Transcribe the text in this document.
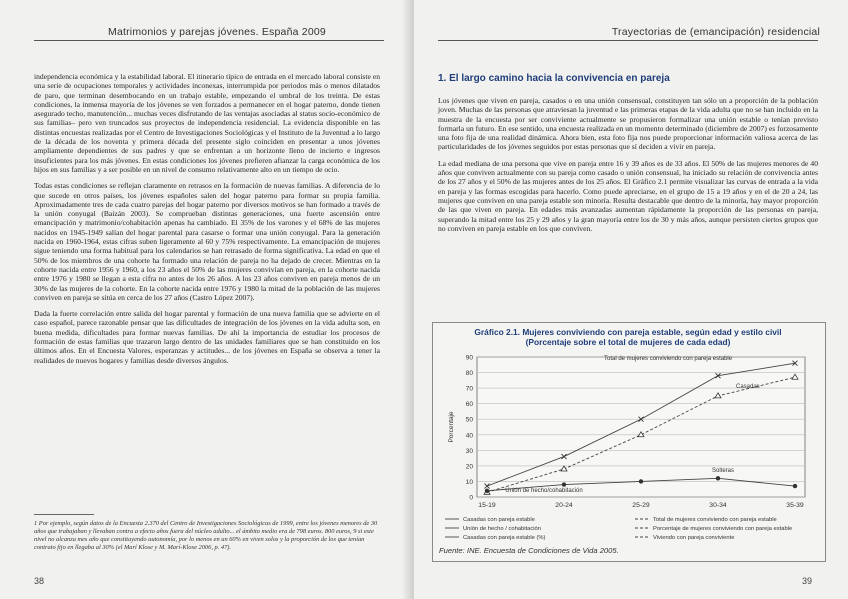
Matrimonios y parejas jóvenes. España 2009

independencia económica y la estabilidad laboral. El itinerario típico de entrada en el mercado laboral consiste en una serie de ocupaciones temporales y actividades inconexas, interrumpida por periodos más o menos dilatados de paro, que terminan desembocando en un trabajo estable, empezando el umbral de los treinta. De estas condiciones, la inmensa mayoría de los jóvenes se ven forzados a permanecer en el hogar paterno, donde tienen asegurado techo, manutención... muchas veces disfrutando de las ventajas asociadas al status socio-económico de sus familias– pero ven truncados sus proyectos de independencia residencial. La evidencia disponible en las distintas encuestas realizadas por el Centro de Investigaciones Sociológicas y el Instituto de la Juventud a lo largo de la década de los noventa y primera década del presente siglo coinciden en presentar a unos jóvenes ampliamente dependientes de sus padres y que se enfrentan a un horizonte lleno de incierto e ingresos insuficientes para los más jóvenes. En estas condiciones los jóvenes prefieren afianzar la carga económica de los hijos en sus familias y a ser posible en un nivel de consumo relativamente alto en un tiempo de ocio.

Todas estas condiciones se reflejan claramente en retrasos en la formación de nuevas familias. A diferencia de lo que sucede en otros países, los jóvenes españoles salen del hogar paterno para formar su propia familia. Aproximadamente tres de cada cuatro parejas del hogar paterno por diversos motivos se han formado a través de la unión conyugal (Baizán 2003). Se comprueban distintas generaciones, una fuerte ascensión entre emancipación y matrimonio/cohabitación apenas ha cambiado. El 35% de los varones y el 68% de las mujeres nacidos en 1945-1949 salían del hogar parental para casarse o formar una unión conyugal. Para la generación nacida en 1960-1964, estas cifras suben ligeramente al 60 y 75% respectivamente. La emancipación de mujeres sigue teniendo una forma habitual para los calendarios se han retrasado de forma significativa. La edad en que el 50% de los miembros de una cohorte ha formado una relación de pareja no ha dejado de crecer. Mientras en la cohorte nacida entre 1956 y 1960, a los 23 años el 50% de las mujeres convivían en pareja, en la cohorte nacida entre 1976 y 1980 se llegan a esta cifra no antes de los 26 años. A los 23 años conviven en pareja menos de un 30% de las mujeres de la cohorte. En la cohorte nacida entre 1976 y 1980 la mitad de la población de las mujeres conviven en pareja se sitúa en cerca de los 27 años (Castro López 2007).

Dada la fuerte correlación entre salida del hogar parental y formación de una nueva familia que se advierte en el caso español, parece razonable pensar que las dificultades de integración de los jóvenes en la vida adulta son, en buena medida, dificultades para formar nuevas familias. De ahí la importancia de estudiar los procesos de formación de estas familias que trazaron largo dentro de las unidades familiares que se han constituido en los últimos años. En el Encuesta Valores, esperanzas y actitudes... de los jóvenes en España se observa a tener la realidades de nuevos hogares y familias desde diversos ángulos.

1 Por ejemplo, según datos de la Encuesta 2.370 del Centro de Investigaciones Sociológicas de 1999, entre los jóvenes menores de 30 años que trabajaban y llevaban contra a efecto años fuera del núcleo adulto... el ámbito medio era de 798 euros. 800 euros, 9 si este nivel no alcanza mes año que constituyendo autonomía, por lo menos en un 60% en viven solos y la proporción de los que tenían contrato fijo en llegaba al 30% (el Marí Klose y M. Marí-Klose 2006, p. 47).
38
Trayectorias de (emancipación) residencial
1. El largo camino hacia la convivencia en pareja

Los jóvenes que viven en pareja, casados o en una unión consensual, constituyen tan sólo un a proporción de la población joven. Muchas de las personas que atraviesan la juventud e las primeras etapas de la vida adulta que no se han incluido en la muestra de la encuesta por ser conviviente actualmente se propusieron formalizar una unión estable o tenían previsto formarla un futuro. En ese sentido, una encuesta realizada en un momento determinado (diciembre de 2007) es forzosamente una foto fija de una realidad dinámica. Ahora bien, esta foto fija nos puede proporcionar información valiosa acerca de las particularidades de los jóvenes seguidos por estas personas que sí deciden a vivir en pareja.

La edad mediana de una persona que vive en pareja entre 16 y 39 años es de 33 años. El 50% de las mujeres menores de 40 años que conviven actualmente con su pareja como casado o unión consensual, ha iniciado su relación de convivencia antes de los 27 años y el 50% de las mujeres antes de los 25 años. El Gráfico 2.1 permite visualizar las curvas de entrada a la vida en pareja y las formas escogidas para hacerlo. Como puede apreciarse, en el grupo de 15 a 19 años y en el de 20 a 24, las mujeres que conviven en una pareja estable son minoría. Resulta destacable que dentro de la minoría, hay mayor proporción de las que viven en pareja. En edades más avanzadas aumentan rápidamente la proporción de las personas en pareja, superando la mitad entre los 25 y 29 años y la gran mayoría entre los de 30 y más años, aunque persisten ciertos grupos que no conviven en pareja estable en los que conviven.

Gráfico 2.1. Mujeres conviviendo con pareja estable, según edad y estilo civil
(Porcentaje sobre el total de mujeres de cada edad)
0
10
20
30
40
50
60
70
80
90
Porcentaje
15-19	20-24	25-29	30-34	35-39
Total de mujeres conviviendo con pareja estable
Casadas
Solteras
Unión de hecho/cohabitación
Casadas con pareja estable	Total de mujeres conviviendo con pareja estable
Unión de hecho / cohabitación	Porcentaje de mujeres conviviendo con pareja estable
Casadas con pareja estable (%)	Viviendo con pareja conviviente
Fuente: INE. Encuesta de Condiciones de Vida 2005.
39
